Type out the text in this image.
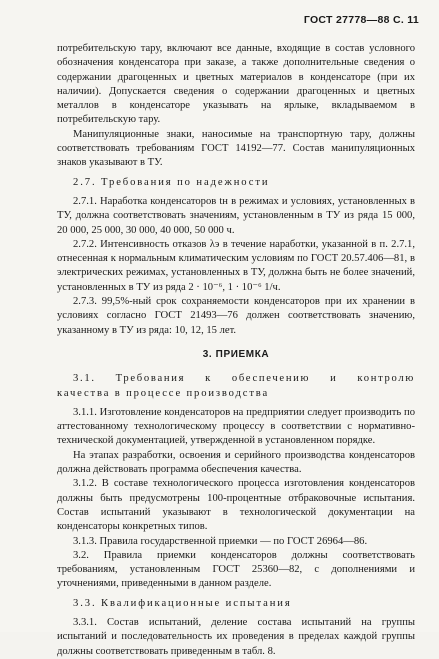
ГОСТ 27778—88 С. 11

потребительскую тару, включают все данные, входящие в состав условного обозначения конденсатора при заказе, а также дополнительные сведения о содержании драгоценных и цветных материалов в конденсаторе (при их наличии). Допускается сведения о содержании драгоценных и цветных металлов в конденсаторе указывать на ярлыке, вкладываемом в потребительскую тару.

Манипуляционные знаки, наносимые на транспортную тару, должны соответствовать требованиям ГОСТ 14192—77. Состав манипуляционных знаков указывают в ТУ.

2.7. Требования по надежности

2.7.1. Наработка конденсаторов tн в режимах и условиях, установленных в ТУ, должна соответствовать значениям, установленным в ТУ из ряда 15 000, 20 000, 25 000, 30 000, 40 000, 50 000 ч.

2.7.2. Интенсивность отказов λэ в течение наработки, указанной в п. 2.7.1, отнесенная к нормальным климатическим условиям по ГОСТ 20.57.406—81, в электрических режимах, установленных в ТУ, должна быть не более значений, установленных в ТУ из ряда 2 · 10⁻⁶, 1 · 10⁻⁶ 1/ч.

2.7.3. 99,5%-ный срок сохраняемости конденсаторов при их хранении в условиях согласно ГОСТ 21493—76 должен соответствовать значению, указанному в ТУ из ряда: 10, 12, 15 лет.

3. ПРИЕМКА

3.1. Требования к обеспечению и контролю

качества в процессе производства

3.1.1. Изготовление конденсаторов на предприятии следует производить по аттестованному технологическому процессу в соответствии с нормативно-технической документацией, утвержденной в установленном порядке.

На этапах разработки, освоения и серийного производства конденсаторов должна действовать программа обеспечения качества.

3.1.2. В составе технологического процесса изготовления конденсаторов должны быть предусмотрены 100-процентные отбраковочные испытания. Состав испытаний указывают в технологической документации на конденсаторы конкретных типов.

3.1.3. Правила государственной приемки — по ГОСТ 26964—86.

3.2. Правила приемки конденсаторов должны соответствовать требованиям, установленным ГОСТ 25360—82, с дополнениями и уточнениями, приведенными в данном разделе.

3.3. Квалификационные испытания

3.3.1. Состав испытаний, деление состава испытаний на группы испытаний и последовательность их проведения в пределах каждой группы должны соответствовать приведенным в табл. 8.
